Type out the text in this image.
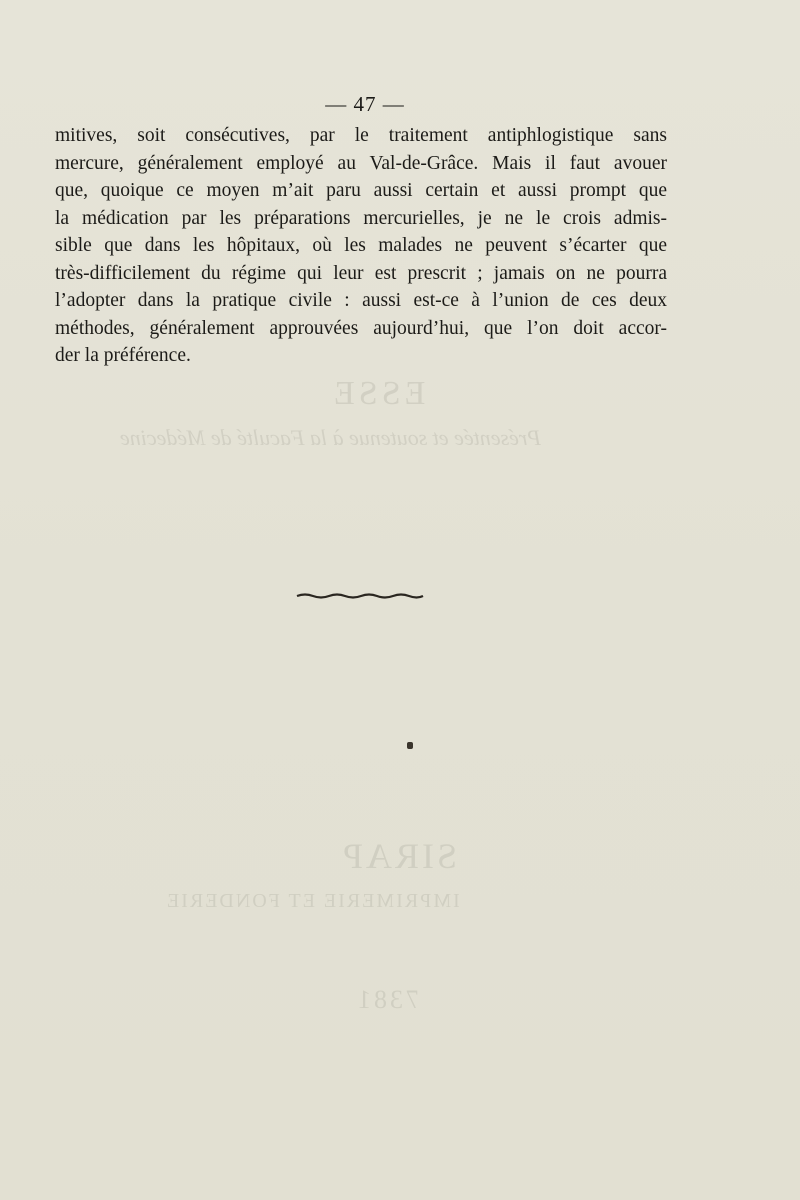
ESSE
Présentée et soutenue à la Faculté de Médecine
SIRAP
IMPRIMERIE ET FONDERIE
7381
— 47 —
mitives, soit consécutives, par le traitement antiphlogistique sans
mercure, généralement employé au Val-de-Grâce. Mais il faut avouer
que, quoique ce moyen m’ait paru aussi certain et aussi prompt que
la médication par les préparations mercurielles, je ne le crois admis-
sible que dans les hôpitaux, où les malades ne peuvent s’écarter que
très-difficilement du régime qui leur est prescrit ; jamais on ne pourra
l’adopter dans la pratique civile : aussi est-ce à l’union de ces deux
méthodes, généralement approuvées aujourd’hui, que l’on doit accor-
der la préférence.
